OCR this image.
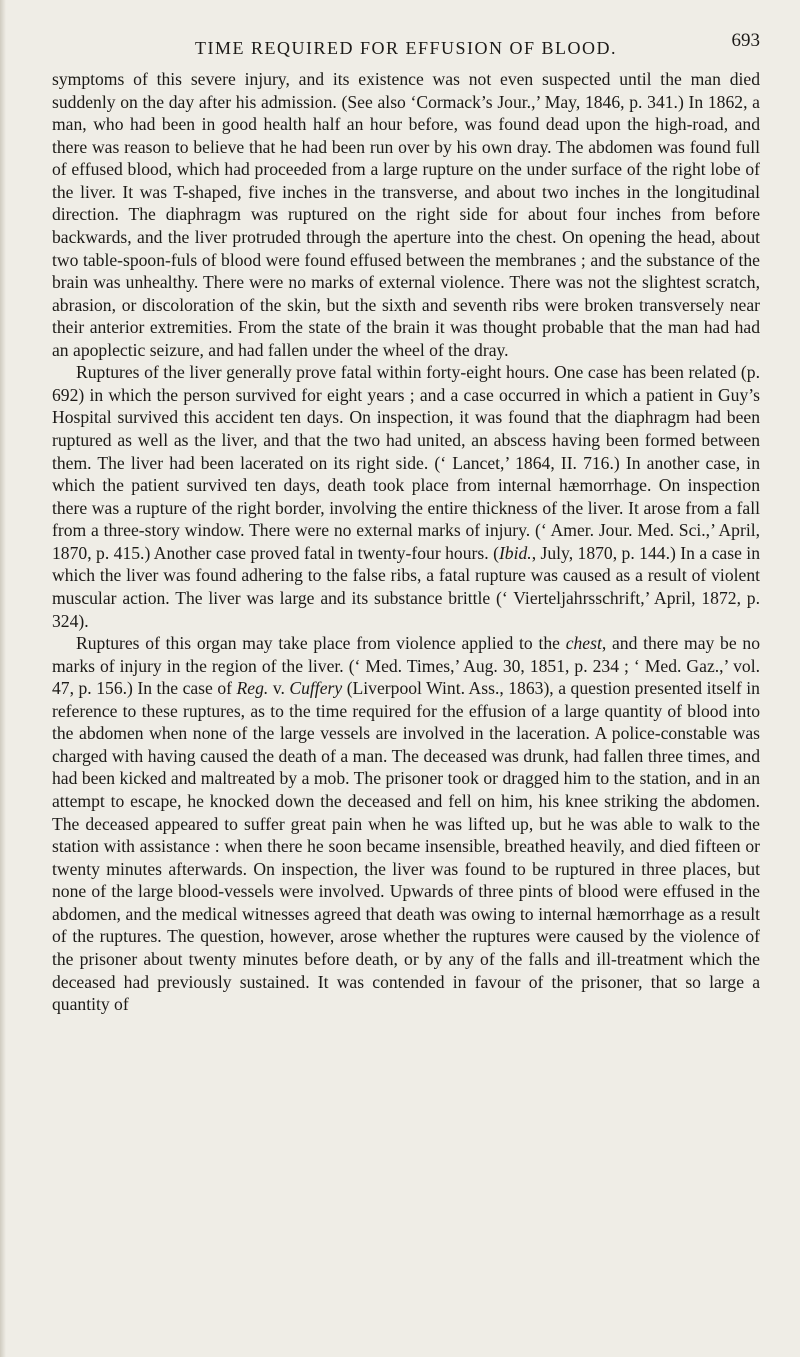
TIME REQUIRED FOR EFFUSION OF BLOOD.	693

symptoms of this severe injury, and its existence was not even suspected until the man died suddenly on the day after his admission. (See also ‘Cormack’s Jour.,’ May, 1846, p. 341.) In 1862, a man, who had been in good health half an hour before, was found dead upon the high-road, and there was reason to believe that he had been run over by his own dray. The abdomen was found full of effused blood, which had proceeded from a large rupture on the under surface of the right lobe of the liver. It was T-shaped, five inches in the transverse, and about two inches in the longitudinal direction. The diaphragm was ruptured on the right side for about four inches from before backwards, and the liver protruded through the aperture into the chest. On opening the head, about two table-spoon-fuls of blood were found effused between the membranes ; and the substance of the brain was unhealthy. There were no marks of external violence. There was not the slightest scratch, abrasion, or discoloration of the skin, but the sixth and seventh ribs were broken transversely near their anterior extremities. From the state of the brain it was thought probable that the man had had an apoplectic seizure, and had fallen under the wheel of the dray.

Ruptures of the liver generally prove fatal within forty-eight hours. One case has been related (p. 692) in which the person survived for eight years ; and a case occurred in which a patient in Guy’s Hospital survived this accident ten days. On inspection, it was found that the diaphragm had been ruptured as well as the liver, and that the two had united, an abscess having been formed between them. The liver had been lacerated on its right side. (‘ Lancet,’ 1864, II. 716.) In another case, in which the patient survived ten days, death took place from internal hæmorrhage. On inspection there was a rupture of the right border, involving the entire thickness of the liver. It arose from a fall from a three-story window. There were no external marks of injury. (‘ Amer. Jour. Med. Sci.,’ April, 1870, p. 415.) Another case proved fatal in twenty-four hours. (Ibid., July, 1870, p. 144.) In a case in which the liver was found adhering to the false ribs, a fatal rupture was caused as a result of violent muscular action. The liver was large and its substance brittle (‘ Vierteljahrsschrift,’ April, 1872, p. 324).

Ruptures of this organ may take place from violence applied to the chest, and there may be no marks of injury in the region of the liver. (‘ Med. Times,’ Aug. 30, 1851, p. 234 ; ‘ Med. Gaz.,’ vol. 47, p. 156.) In the case of Reg. v. Cuffery (Liverpool Wint. Ass., 1863), a question presented itself in reference to these ruptures, as to the time required for the effusion of a large quantity of blood into the abdomen when none of the large vessels are involved in the laceration. A police-constable was charged with having caused the death of a man. The deceased was drunk, had fallen three times, and had been kicked and maltreated by a mob. The prisoner took or dragged him to the station, and in an attempt to escape, he knocked down the deceased and fell on him, his knee striking the abdomen. The deceased appeared to suffer great pain when he was lifted up, but he was able to walk to the station with assistance : when there he soon became insensible, breathed heavily, and died fifteen or twenty minutes afterwards. On inspection, the liver was found to be ruptured in three places, but none of the large blood-vessels were involved. Upwards of three pints of blood were effused in the abdomen, and the medical witnesses agreed that death was owing to internal hæmorrhage as a result of the ruptures. The question, however, arose whether the ruptures were caused by the violence of the prisoner about twenty minutes before death, or by any of the falls and ill-treatment which the deceased had previously sustained. It was contended in favour of the prisoner, that so large a quantity of
